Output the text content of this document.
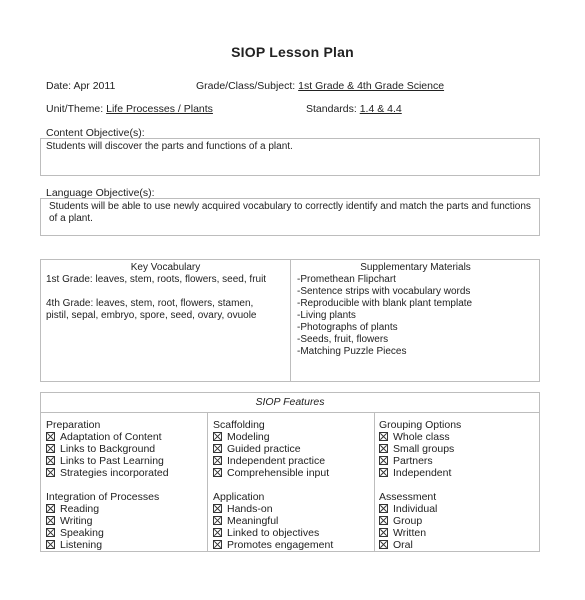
SIOP Lesson Plan
Date: Apr 2011	Grade/Class/Subject: 1st Grade & 4th Grade Science
Unit/Theme: Life Processes / Plants	Standards: 1.4 & 4.4
Content Objective(s):
Students will discover the parts and functions of a plant.
Language Objective(s):
Students will be able to use newly acquired vocabulary to correctly identify and match the parts and functions of a plant.
Key Vocabulary
1st Grade: leaves, stem, roots, flowers, seed, fruit
4th Grade: leaves, stem, root, flowers, stamen,
pistil, sepal, embryo, spore, seed, ovary, ovuole
Supplementary Materials
-Promethean Flipchart
-Sentence strips with vocabulary words
-Reproducible with blank plant template
-Living plants
-Photographs of plants
-Seeds, fruit, flowers
-Matching Puzzle Pieces
SIOP Features
Preparation
Adaptation of Content
Links to Background
Links to Past Learning
Strategies incorporated
Integration of Processes
Reading
Writing
Speaking
Listening
Scaffolding
Modeling
Guided practice
Independent practice
Comprehensible input
Application
Hands-on
Meaningful
Linked to objectives
Promotes engagement
Grouping Options
Whole class
Small groups
Partners
Independent
Assessment
Individual
Group
Written
Oral
